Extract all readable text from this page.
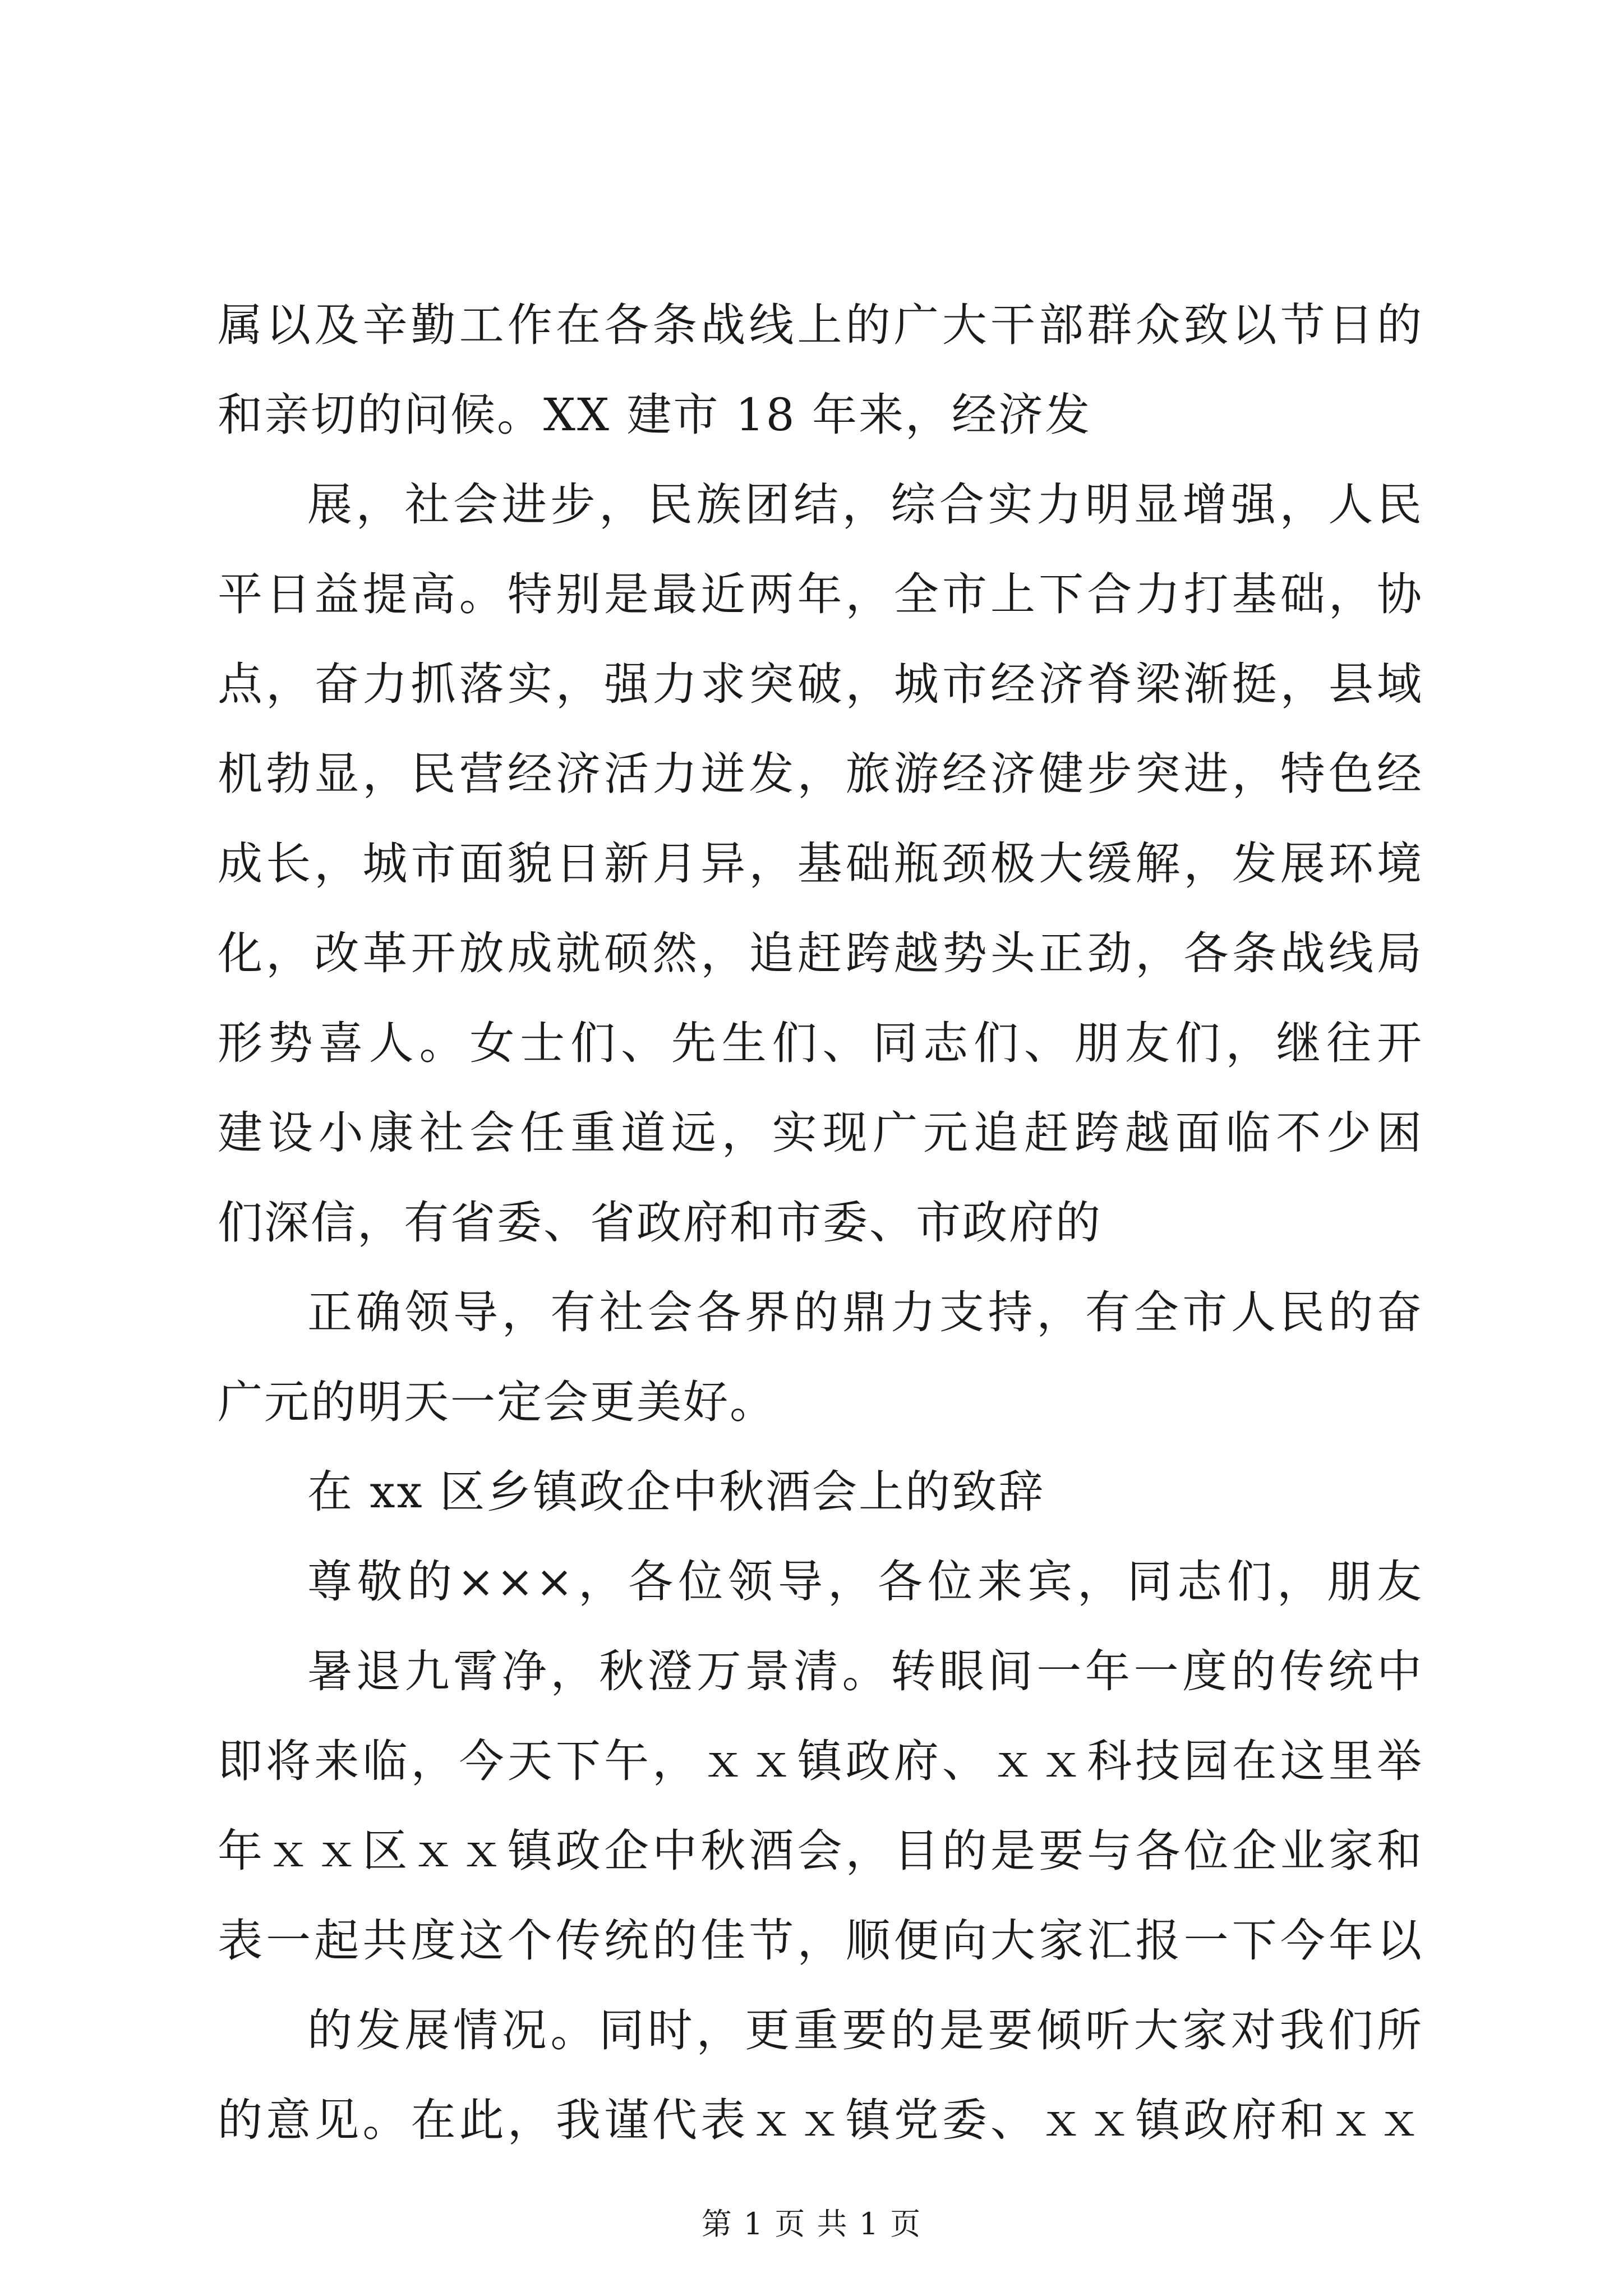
属以及辛勤工作在各条战线上的广大干部群众致以节日的
和亲切的问候。XX 建市 18 年来，经济发
展，社会进步，民族团结，综合实力明显增强，人民
平日益提高。特别是最近两年，全市上下合力打基础，协
点，奋力抓落实，强力求突破，城市经济脊梁渐挺，县域
机勃显，民营经济活力迸发，旅游经济健步突进，特色经
成长，城市面貌日新月异，基础瓶颈极大缓解，发展环境
化，改革开放成就硕然，追赶跨越势头正劲，各条战线局
形势喜人。女士们、先生们、同志们、朋友们，继往开
建设小康社会任重道远，实现广元追赶跨越面临不少困
们深信，有省委、省政府和市委、市政府的
正确领导，有社会各界的鼎力支持，有全市人民的奋
广元的明天一定会更美好。
在 xx 区乡镇政企中秋酒会上的致辞
尊敬的×××，各位领导，各位来宾，同志们，朋友
暑退九霄净，秋澄万景清。转眼间一年一度的传统中
即将来临，今天下午，ｘｘ镇政府、ｘｘ科技园在这里举
年ｘｘ区ｘｘ镇政企中秋酒会，目的是要与各位企业家和
表一起共度这个传统的佳节，顺便向大家汇报一下今年以
的发展情况。同时，更重要的是要倾听大家对我们所
的意见。在此，我谨代表ｘｘ镇党委、ｘｘ镇政府和ｘｘ
第 1 页 共 1 页
